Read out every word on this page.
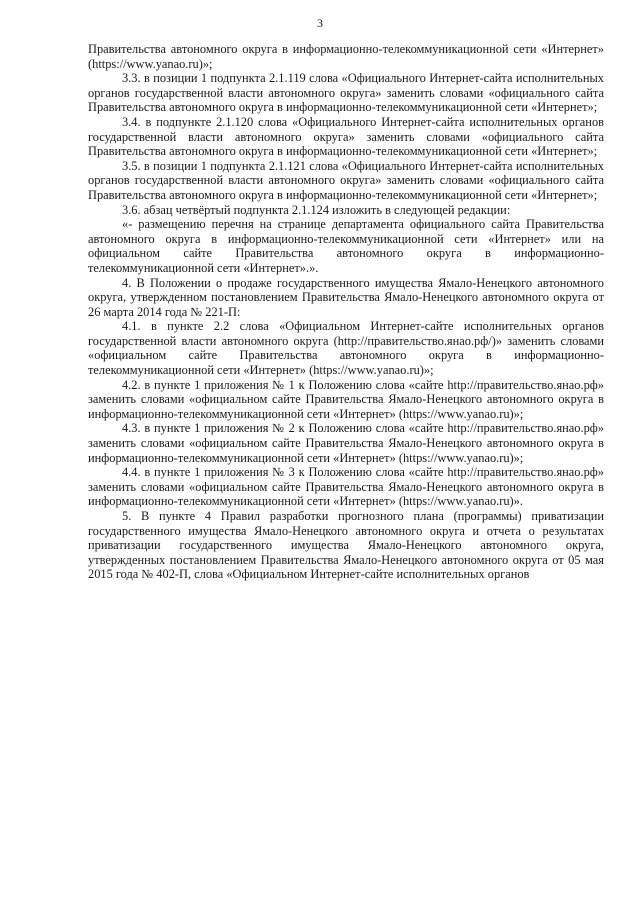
3

Правительства автономного округа в информационно-телекоммуникационной сети «Интернет» (https://www.yanao.ru)»;

3.3. в позиции 1 подпункта 2.1.119 слова «Официального Интернет-сайта исполнительных органов государственной власти автономного округа» заменить словами «официального сайта Правительства автономного округа в информационно-телекоммуникационной сети «Интернет»;

3.4. в подпункте 2.1.120 слова «Официального Интернет-сайта исполнительных органов государственной власти автономного округа» заменить словами «официального сайта Правительства автономного округа в информационно-телекоммуникационной сети «Интернет»;

3.5. в позиции 1 подпункта 2.1.121 слова «Официального Интернет-сайта исполнительных органов государственной власти автономного округа» заменить словами «официального сайта Правительства автономного округа в информационно-телекоммуникационной сети «Интернет»;

3.6. абзац четвёртый подпункта 2.1.124 изложить в следующей редакции:

«- размещению перечня на странице департамента официального сайта Правительства автономного округа в информационно-телекоммуникационной сети «Интернет» или на официальном сайте Правительства автономного округа в информационно-телекоммуникационной сети «Интернет».».

4. В Положении о продаже государственного имущества Ямало-Ненецкого автономного округа, утвержденном постановлением Правительства Ямало-Ненецкого автономного округа от 26 марта 2014 года № 221-П:

4.1. в пункте 2.2 слова «Официальном Интернет-сайте исполнительных органов государственной власти автономного округа (http://правительство.янао.рф/)» заменить словами «официальном сайте Правительства автономного округа в информационно-телекоммуникационной сети «Интернет» (https://www.yanao.ru)»;

4.2. в пункте 1 приложения № 1 к Положению слова «сайте http://правительство.янао.рф» заменить словами «официальном сайте Правительства Ямало-Ненецкого автономного округа в информационно-телекоммуникационной сети «Интернет» (https://www.yanao.ru)»;

4.3. в пункте 1 приложения № 2 к Положению слова «сайте http://правительство.янао.рф» заменить словами «официальном сайте Правительства Ямало-Ненецкого автономного округа в информационно-телекоммуникационной сети «Интернет» (https://www.yanao.ru)»;

4.4. в пункте 1 приложения № 3 к Положению слова «сайте http://правительство.янао.рф» заменить словами «официальном сайте Правительства Ямало-Ненецкого автономного округа в информационно-телекоммуникационной сети «Интернет» (https://www.yanao.ru)».

5. В пункте 4 Правил разработки прогнозного плана (программы) приватизации государственного имущества Ямало-Ненецкого автономного округа и отчета о результатах приватизации государственного имущества Ямало-Ненецкого автономного округа, утвержденных постановлением Правительства Ямало-Ненецкого автономного округа от 05 мая 2015 года № 402-П, слова «Официальном Интернет-сайте исполнительных органов
